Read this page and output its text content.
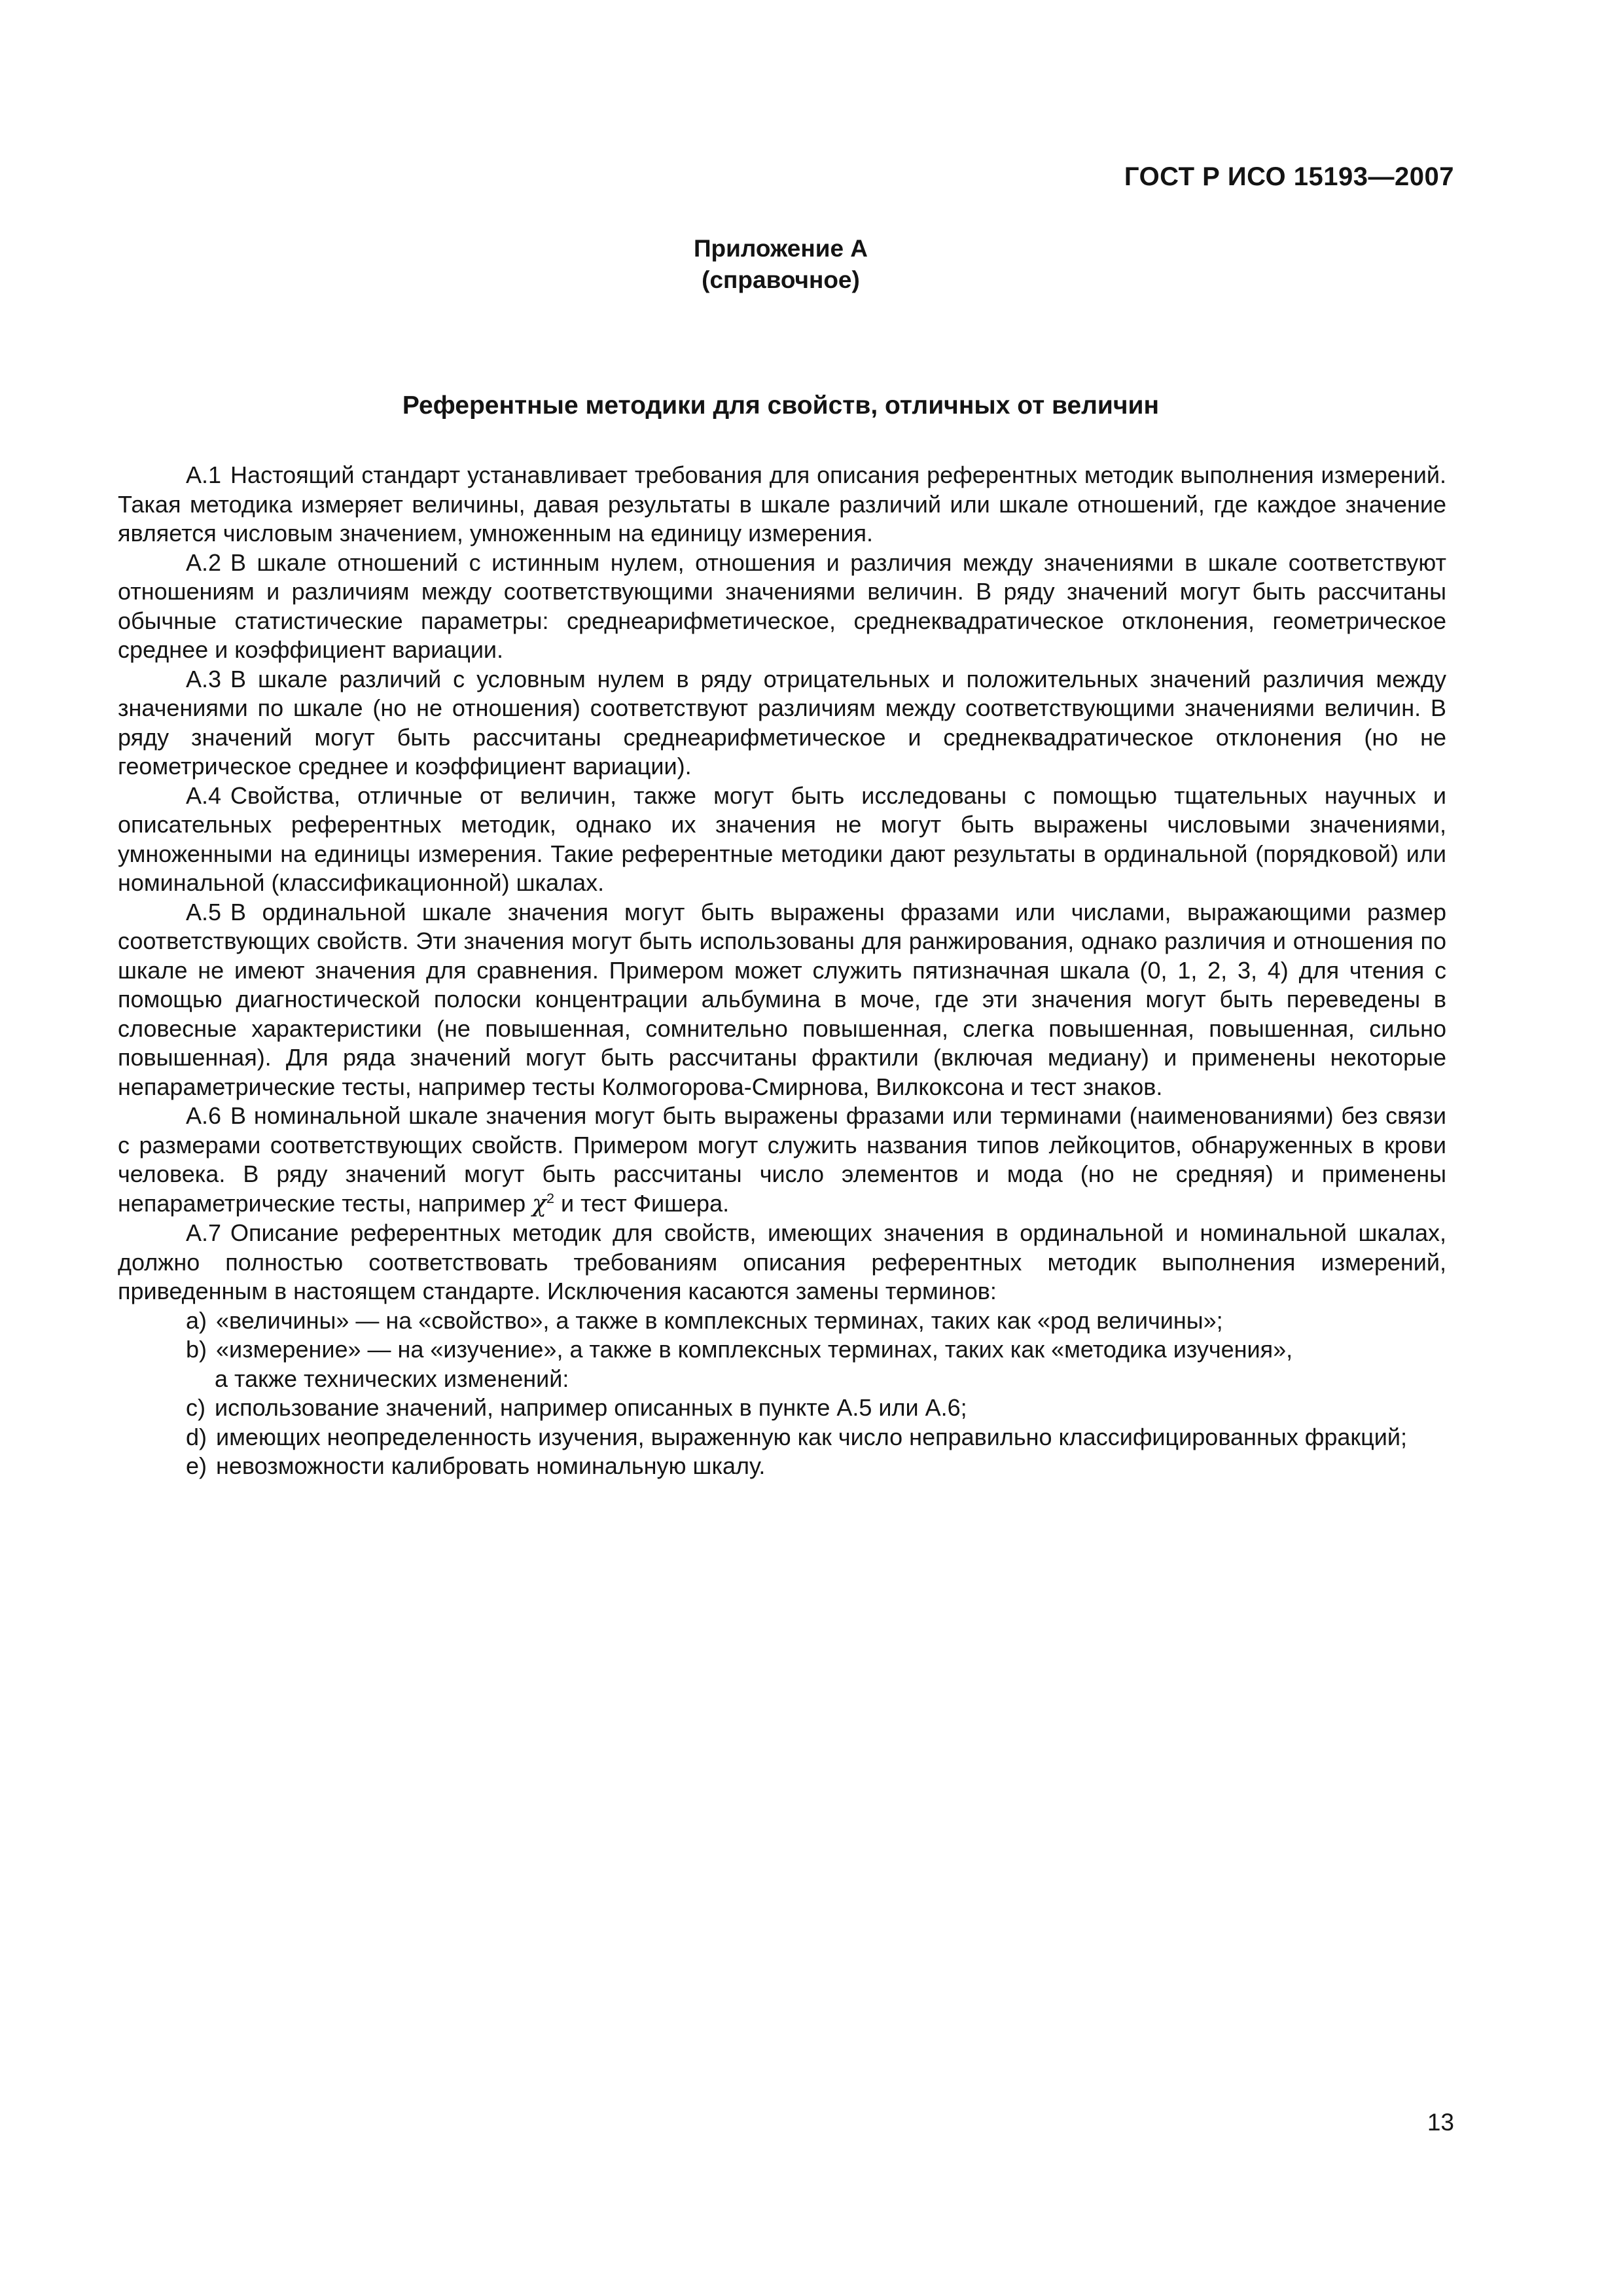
ГОСТ Р ИСО 15193—2007
Приложение А
(справочное)
Референтные методики для свойств, отличных от величин

А.1 Настоящий стандарт устанавливает требования для описания референтных методик выполнения измерений. Такая методика измеряет величины, давая результаты в шкале различий или шкале отношений, где каждое значение является числовым значением, умноженным на единицу измерения.

А.2 В шкале отношений с истинным нулем, отношения и различия между значениями в шкале соответствуют отношениям и различиям между соответствующими значениями величин. В ряду значений могут быть рассчитаны обычные статистические параметры: среднеарифметическое, среднеквадратическое отклонения, геометрическое среднее и коэффициент вариации.

А.3 В шкале различий с условным нулем в ряду отрицательных и положительных значений различия между значениями по шкале (но не отношения) соответствуют различиям между соответствующими значениями величин. В ряду значений могут быть рассчитаны среднеарифметическое и среднеквадратическое отклонения (но не геометрическое среднее и коэффициент вариации).

А.4 Свойства, отличные от величин, также могут быть исследованы с помощью тщательных научных и описательных референтных методик, однако их значения не могут быть выражены числовыми значениями, умноженными на единицы измерения. Такие референтные методики дают результаты в ординальной (порядковой) или номинальной (классификационной) шкалах.

А.5 В ординальной шкале значения могут быть выражены фразами или числами, выражающими размер соответствующих свойств. Эти значения могут быть использованы для ранжирования, однако различия и отношения по шкале не имеют значения для сравнения. Примером может служить пятизначная шкала (0, 1, 2, 3, 4) для чтения с помощью диагностической полоски концентрации альбумина в моче, где эти значения могут быть переведены в словесные характеристики (не повышенная, сомнительно повышенная, слегка повышенная, повышенная, сильно повышенная). Для ряда значений могут быть рассчитаны фрактили (включая медиану) и применены некоторые непараметрические тесты, например тесты Колмогорова-Смирнова, Вилкоксона и тест знаков.

А.6 В номинальной шкале значения могут быть выражены фразами или терминами (наименованиями) без связи с размерами соответствующих свойств. Примером могут служить названия типов лейкоцитов, обнаруженных в крови человека. В ряду значений могут быть рассчитаны число элементов и мода (но не средняя) и применены непараметрические тесты, например $\chi^2$ и тест Фишера.

А.7 Описание референтных методик для свойств, имеющих значения в ординальной и номинальной шкалах, должно полностью соответствовать требованиям описания референтных методик выполнения измерений, приведенным в настоящем стандарте. Исключения касаются замены терминов:

а) «величины» — на «свойство», а также в комплексных терминах, таких как «род величины»;
b) «измерение» — на «изучение», а также в комплексных терминах, таких как «методика изучения»,
а также технических изменений:
c) использование значений, например описанных в пункте А.5 или А.6;
d) имеющих неопределенность изучения, выраженную как число неправильно классифицированных фракций;
e) невозможности калибровать номинальную шкалу.
13
